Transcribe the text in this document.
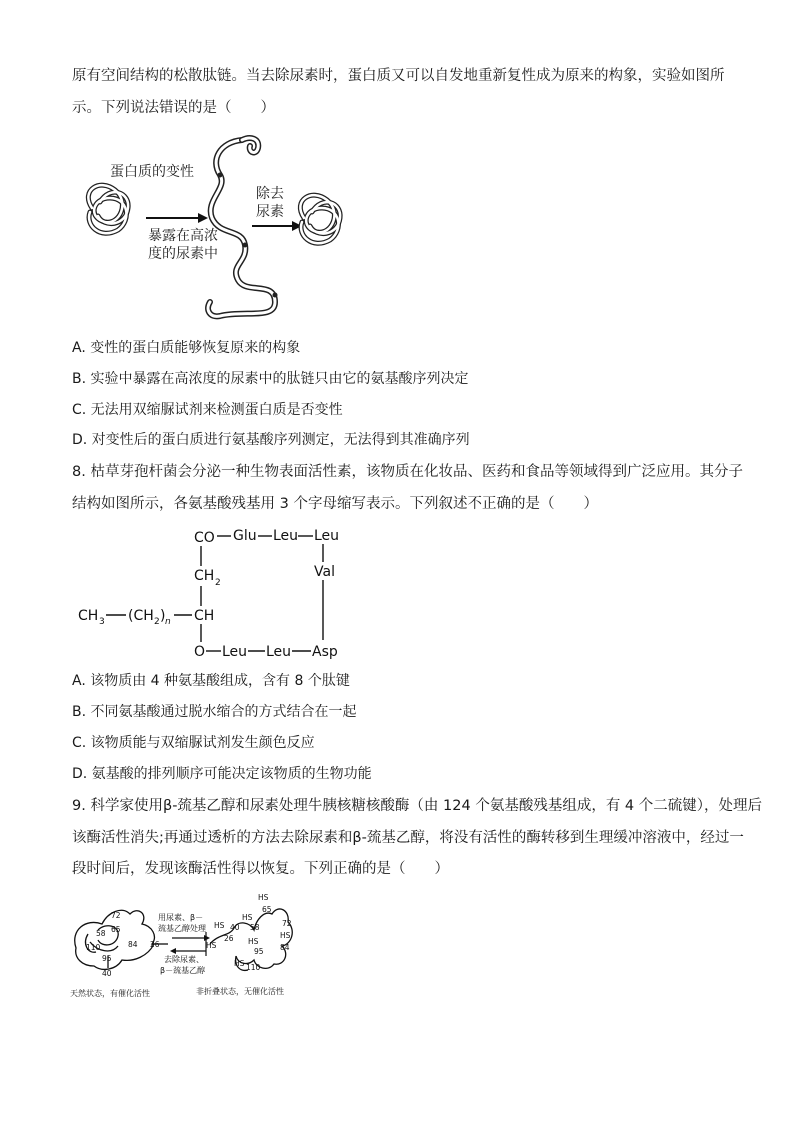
原有空间结构的松散肽链。当去除尿素时，蛋白质又可以自发地重新复性成为原来的构象，实验如图所
示。下列说法错误的是（　　）
蛋白质的变性
暴露在高浓
度的尿素中
除去
尿素
A. 变性的蛋白质能够恢复原来的构象
B. 实验中暴露在高浓度的尿素中的肽链只由它的氨基酸序列决定
C. 无法用双缩脲试剂来检测蛋白质是否变性
D. 对变性后的蛋白质进行氨基酸序列测定，无法得到其准确序列
8. 枯草芽孢杆菌会分泌一种生物表面活性素，该物质在化妆品、医药和食品等领域得到广泛应用。其分子
结构如图所示，各氨基酸残基用 3 个字母缩写表示。下列叙述不正确的是（　　）
CO Glu Leu Leu
Val
CH 2
CH 3 (CH 2 ) n CH
O Leu Leu Asp
A. 该物质由 4 种氨基酸组成，含有 8 个肽键
B. 不同氨基酸通过脱水缩合的方式结合在一起
C. 该物质能与双缩脲试剂发生颜色反应
D. 氨基酸的排列顺序可能决定该物质的生物功能
9. 科学家使用β-巯基乙醇和尿素处理牛胰核糖核酸酶（由 124 个氨基酸残基组成，有 4 个二硫键），处理后
该酶活性消失;再通过透析的方法去除尿素和β-巯基乙醇，将没有活性的酶转移到生理缓冲溶液中，经过一
段时间后，发现该酶活性得以恢复。下列正确的是（　　）
72
65
58
110	84 26
95
40
用尿素、β－
巯基乙醇处理
去除尿素、
β－巯基乙醇
HS
65
72
HS
26
HS
40
HS
58
HS
HS
84
95
HS 110
天然状态，有催化活性	非折叠状态，无催化活性
